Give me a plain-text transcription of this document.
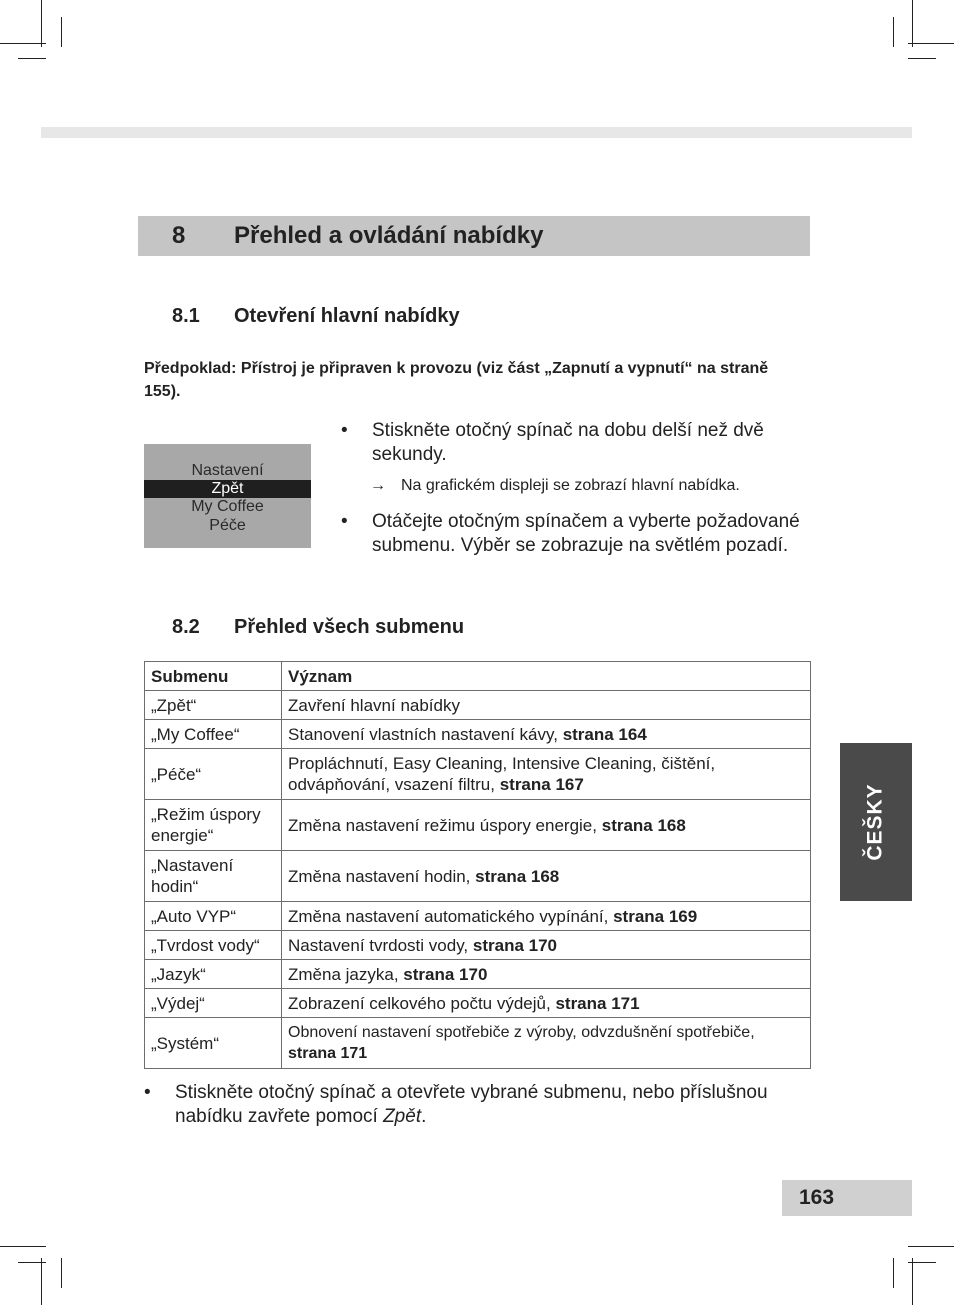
8 Přehled a ovládání nabídky
8.1 Otevření hlavní nabídky
Předpoklad: Přístroj je připraven k provozu (viz část „Zapnutí a vypnutí“ na straně 155).
Nastavení
Zpět
My Coffee
Péče
• Stiskněte otočný spínač na dobu delší než dvě sekundy.
→ Na grafickém displeji se zobrazí hlavní nabídka.
• Otáčejte otočným spínačem a vyberte požadované submenu. Výběr se zobrazuje na světlém pozadí.
8.2 Přehled všech submenu
Submenu	Význam
„Zpět“	Zavření hlavní nabídky
„My Coffee“	Stanovení vlastních nastavení kávy, strana 164
„Péče“	Propláchnutí, Easy Cleaning, Intensive Cleaning, čištění, odvápňování, vsazení filtru, strana 167
„Režim úspory energie“	Změna nastavení režimu úspory energie, strana 168
„Nastavení hodin“	Změna nastavení hodin, strana 168
„Auto VYP“	Změna nastavení automatického vypínání, strana 169
„Tvrdost vody“	Nastavení tvrdosti vody, strana 170
„Jazyk“	Změna jazyka, strana 170
„Výdej“	Zobrazení celkového počtu výdejů, strana 171
„Systém“	Obnovení nastavení spotřebiče z výroby, odvzdušnění spotřebiče, strana 171
• Stiskněte otočný spínač a otevřete vybrané submenu, nebo příslušnou nabídku zavřete pomocí Zpět.
ČEŠKY
163
